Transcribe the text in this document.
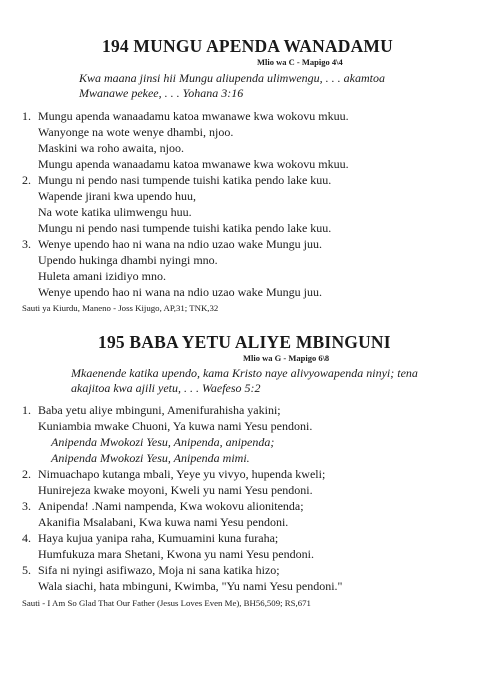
194 MUNGU APENDA WANADAMU
Mlio wa C - Mapigo 4\4
Kwa maana jinsi hii Mungu aliupenda ulimwengu, . . . akamtoa
Mwanawe pekee, . . . Yohana 3:16
1. Mungu apenda wanaadamu katoa mwanawe kwa wokovu mkuu.
Wanyonge na wote wenye dhambi, njoo.
Maskini wa roho awaita, njoo.
Mungu apenda wanaadamu katoa mwanawe kwa wokovu mkuu.
2. Mungu ni pendo nasi tumpende tuishi katika pendo lake kuu.
Wapende jirani kwa upendo huu,
Na wote katika ulimwengu huu.
Mungu ni pendo nasi tumpende tuishi katika pendo lake kuu.
3. Wenye upendo hao ni wana na ndio uzao wake Mungu juu.
Upendo hukinga dhambi nyingi mno.
Huleta amani izidiyo mno.
Wenye upendo hao ni wana na ndio uzao wake Mungu juu.
Sauti ya Kiurdu, Maneno - Joss Kijugo, AP,31; TNK,32
195 BABA YETU ALIYE MBINGUNI
Mlio wa G - Mapigo 6\8
Mkaenende katika upendo, kama Kristo naye alivyowapenda ninyi; tena
akajitoa kwa ajili yetu, . . . Waefeso 5:2
1. Baba yetu aliye mbinguni, Amenifurahisha yakini;
Kuniambia mwake Chuoni, Ya kuwa nami Yesu pendoni.
Anipenda Mwokozi Yesu, Anipenda, anipenda;
Anipenda Mwokozi Yesu, Anipenda mimi.
2. Nimuachapo kutanga mbali, Yeye yu vivyo, hupenda kweli;
Hunirejeza kwake moyoni, Kweli yu nami Yesu pendoni.
3. Anipenda! .Nami nampenda, Kwa wokovu alionitenda;
Akanifia Msalabani, Kwa kuwa nami Yesu pendoni.
4. Haya kujua yanipa raha, Kumuamini kuna furaha;
Humfukuza mara Shetani, Kwona yu nami Yesu pendoni.
5. Sifa ni nyingi asifiwazo, Moja ni sana katika hizo;
Wala siachi, hata mbinguni, Kwimba, "Yu nami Yesu pendoni."
Sauti - I Am So Glad That Our Father (Jesus Loves Even Me), BH56,509; RS,671
